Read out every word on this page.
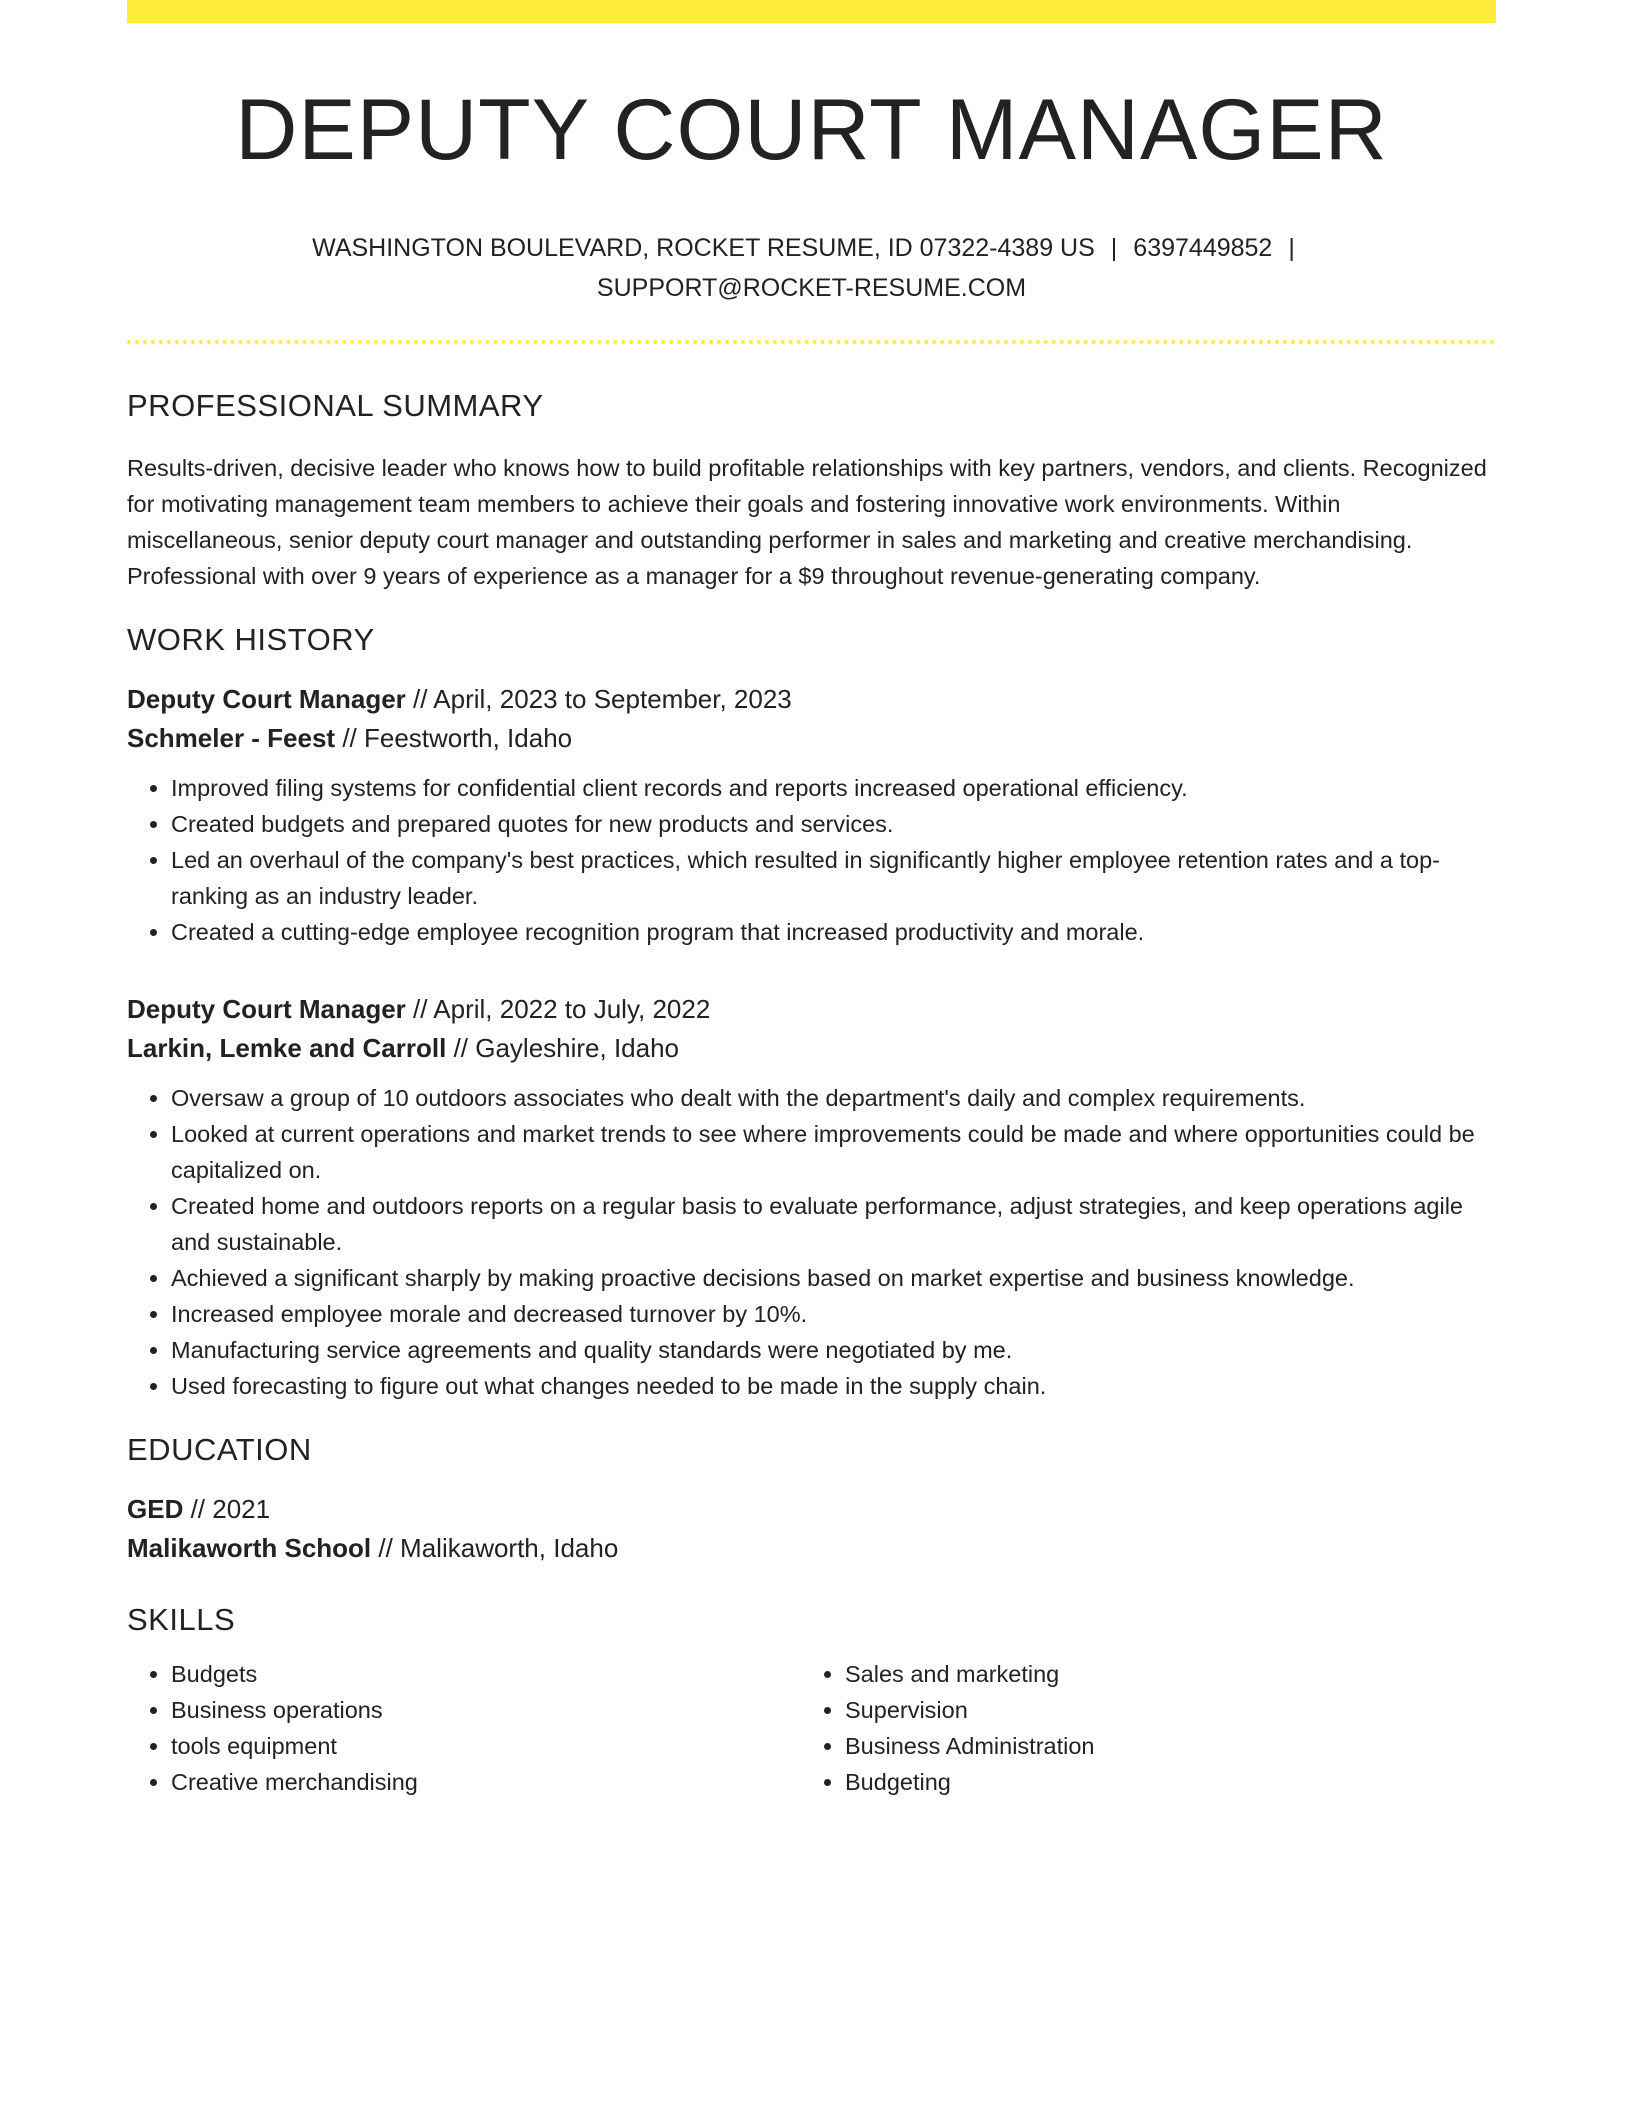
DEPUTY COURT MANAGER
WASHINGTON BOULEVARD, ROCKET RESUME, ID 07322-4389 US | 6397449852 |
SUPPORT@ROCKET-RESUME.COM
PROFESSIONAL SUMMARY

Results-driven, decisive leader who knows how to build profitable relationships with key partners, vendors, and clients. Recognized for motivating management team members to achieve their goals and fostering innovative work environments. Within miscellaneous, senior deputy court manager and outstanding performer in sales and marketing and creative merchandising. Professional with over 9 years of experience as a manager for a $9 throughout revenue-generating company.

WORK HISTORY
Deputy Court Manager // April, 2023 to September, 2023
Schmeler - Feest // Feestworth, Idaho
• Improved filing systems for confidential client records and reports increased operational efficiency.
• Created budgets and prepared quotes for new products and services.
• Led an overhaul of the company's best practices, which resulted in significantly higher employee retention rates and a top-ranking as an industry leader.
• Created a cutting-edge employee recognition program that increased productivity and morale.
Deputy Court Manager // April, 2022 to July, 2022
Larkin, Lemke and Carroll // Gayleshire, Idaho
• Oversaw a group of 10 outdoors associates who dealt with the department's daily and complex requirements.
• Looked at current operations and market trends to see where improvements could be made and where opportunities could be capitalized on.
• Created home and outdoors reports on a regular basis to evaluate performance, adjust strategies, and keep operations agile and sustainable.
• Achieved a significant sharply by making proactive decisions based on market expertise and business knowledge.
• Increased employee morale and decreased turnover by 10%.
• Manufacturing service agreements and quality standards were negotiated by me.
• Used forecasting to figure out what changes needed to be made in the supply chain.
EDUCATION
GED // 2021
Malikaworth School // Malikaworth, Idaho
SKILLS
• Budgets
• Business operations
• tools equipment
• Creative merchandising
• Sales and marketing
• Supervision
• Business Administration
• Budgeting
